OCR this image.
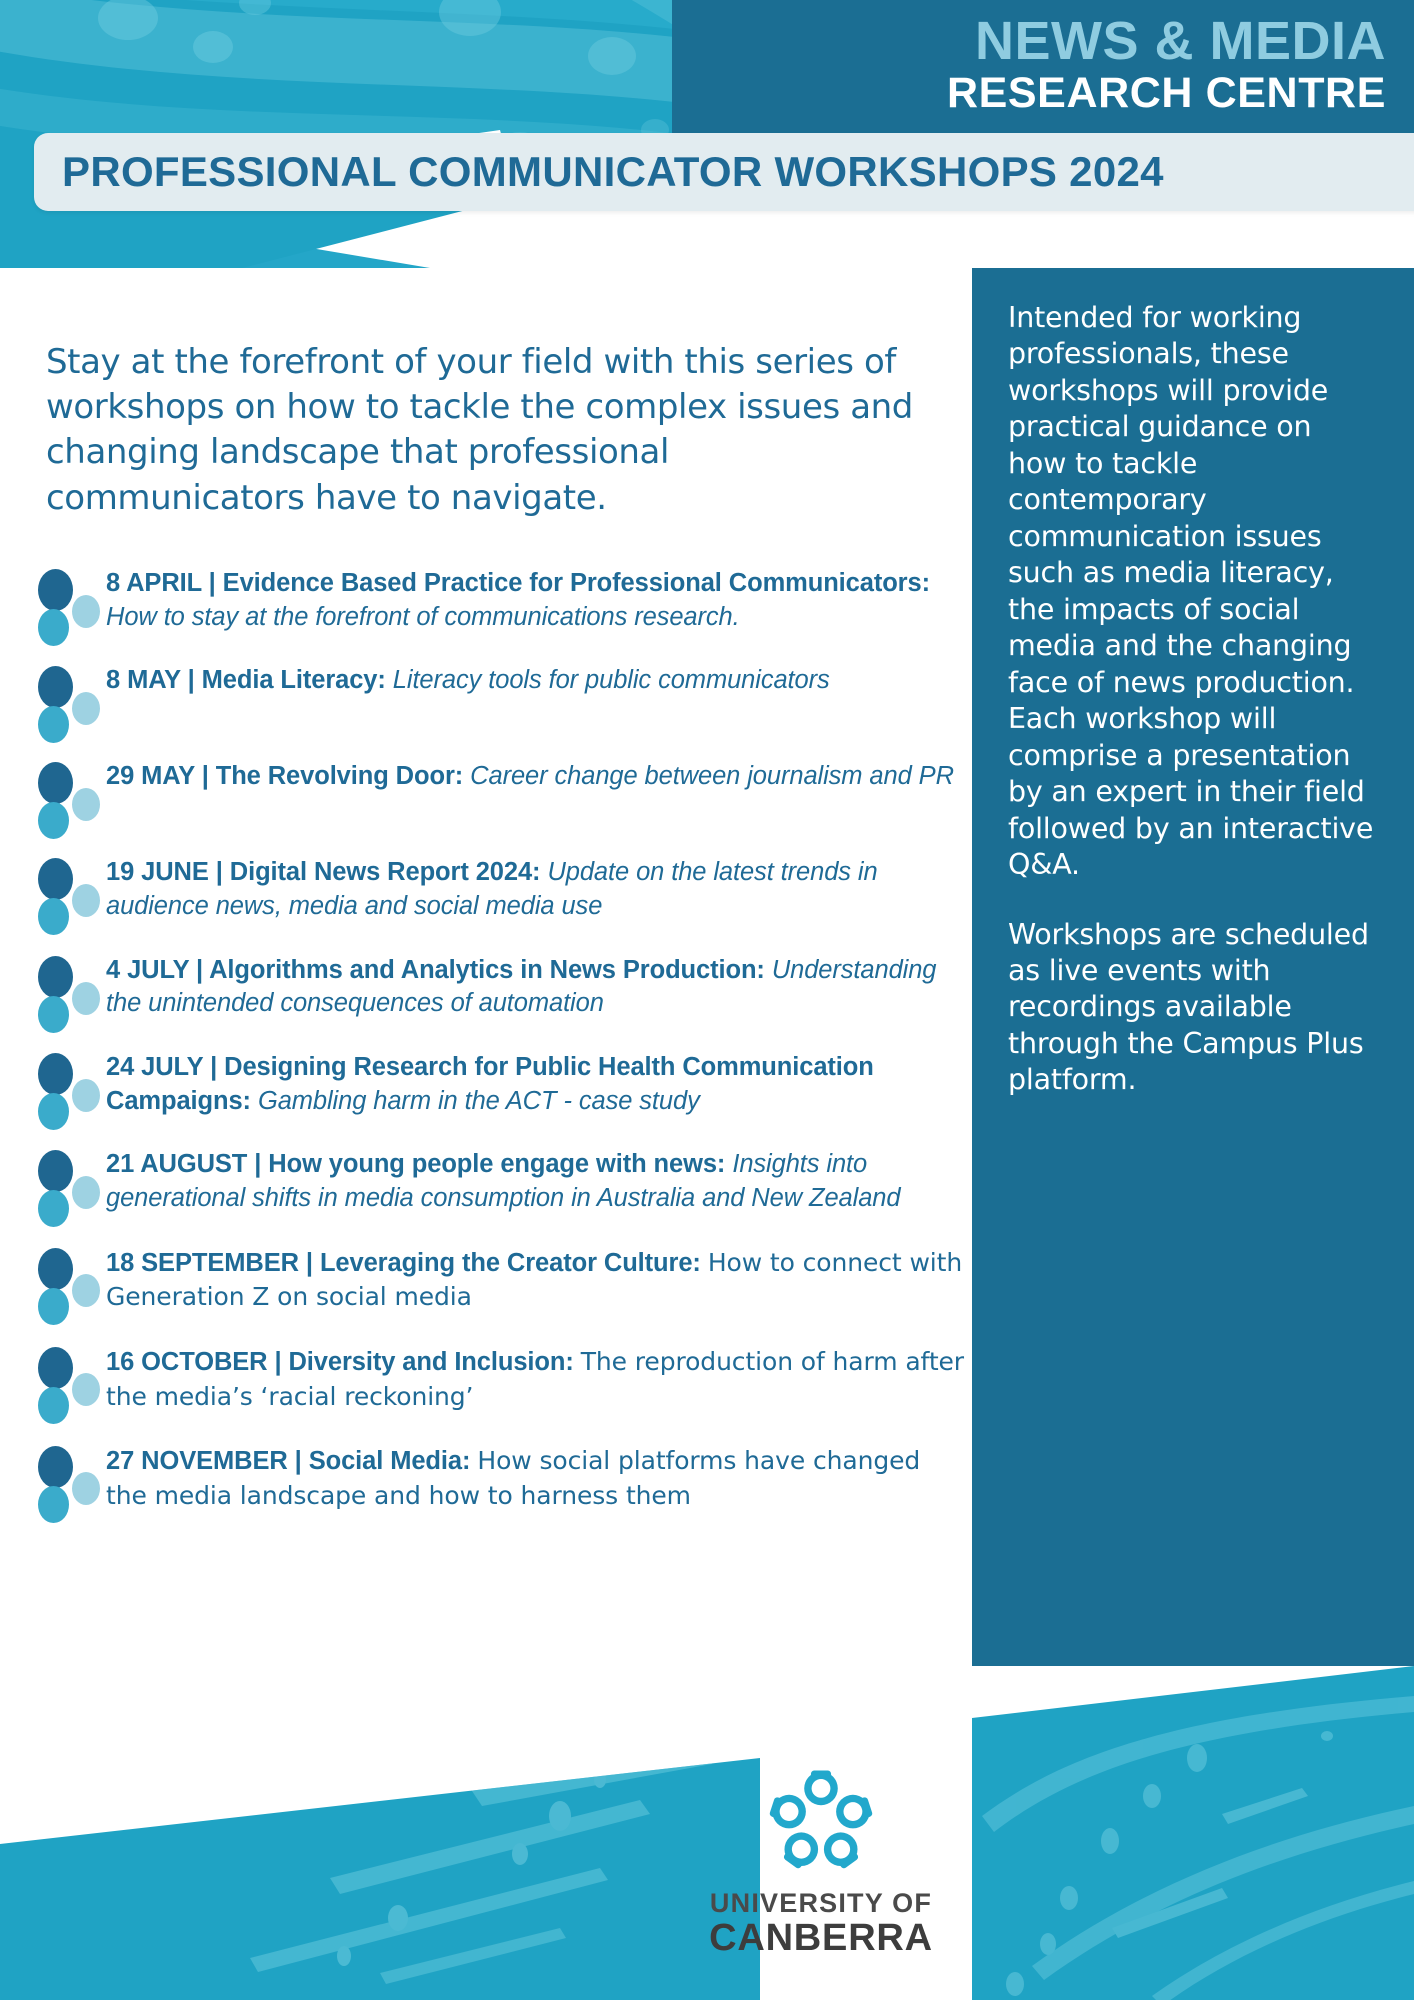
NEWS & MEDIA
RESEARCH CENTRE
PROFESSIONAL COMMUNICATOR WORKSHOPS 2024

Intended for working professionals, these workshops will provide practical guidance on how to tackle contemporary communication issues such as media literacy, the impacts of social media and the changing face of news production. Each workshop will comprise a presentation by an expert in their field followed by an interactive Q&A.

Workshops are scheduled as live events with recordings available through the Campus Plus platform.

Stay at the forefront of your field with this series of workshops on how to tackle the complex issues and changing landscape that professional communicators have to navigate.
8 APRIL | Evidence Based Practice for Professional Communicators: How to stay at the forefront of communications research.
8 MAY | Media Literacy: Literacy tools for public communicators
29 MAY | The Revolving Door: Career change between journalism and PR
19 JUNE | Digital News Report 2024: Update on the latest trends in audience news, media and social media use
4 JULY | Algorithms and Analytics in News Production: Understanding the unintended consequences of automation
24 JULY | Designing Research for Public Health Communication Campaigns: Gambling harm in the ACT - case study
21 AUGUST | How young people engage with news: Insights into generational shifts in media consumption in Australia and New Zealand
18 SEPTEMBER | Leveraging the Creator Culture: How to connect with Generation Z on social media
16 OCTOBER | Diversity and Inclusion: The reproduction of harm after the media’s ‘racial reckoning’
27 NOVEMBER | Social Media: How social platforms have changed the media landscape and how to harness them
UNIVERSITY OF
CANBERRA
